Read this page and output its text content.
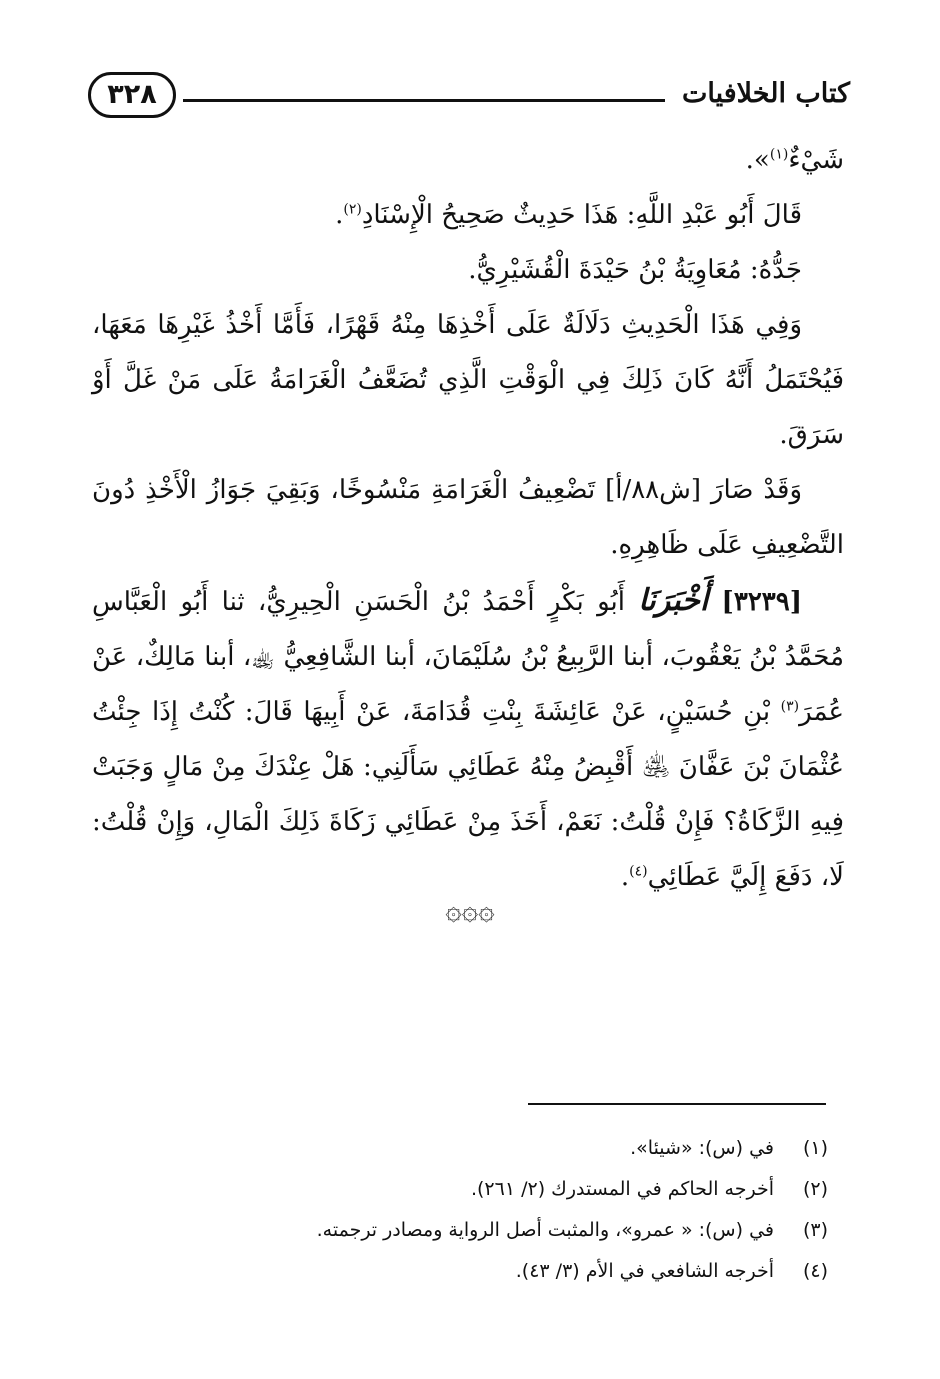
٣٢٨	كتاب الخلافيات

شَيْءٌ$^{(١)}$».

قَالَ أَبُو عَبْدِ اللَّهِ: هَذَا حَدِيثٌ صَحِيحُ الْإِسْنَادِ$^{(٢)}$.

جَدُّهُ: مُعَاوِيَةُ بْنُ حَيْدَةَ الْقُشَيْرِيُّ.

وَفِي هَذَا الْحَدِيثِ دَلَالَةٌ عَلَى أَخْذِهَا مِنْهُ قَهْرًا، فَأَمَّا أَخْذُ غَيْرِهَا مَعَهَا، فَيُحْتَمَلُ أَنَّهُ كَانَ ذَلِكَ فِي الْوَقْتِ الَّذِي تُضَعَّفُ الْغَرَامَةُ عَلَى مَنْ غَلَّ أَوْ سَرَقَ.

وَقَدْ صَارَ [ش٨٨/أ] تَضْعِيفُ الْغَرَامَةِ مَنْسُوخًا، وَبَقِيَ جَوَازُ الْأَخْذِ دُونَ التَّضْعِيفِ عَلَى ظَاهِرِهِ.

[٣٢٣٩] أَخْبَرَنَا أَبُو بَكْرٍ أَحْمَدُ بْنُ الْحَسَنِ الْحِيرِيُّ، ثنا أَبُو الْعَبَّاسِ مُحَمَّدُ بْنُ يَعْقُوبَ، أبنا الرَّبِيعُ بْنُ سُلَيْمَانَ، أبنا الشَّافِعِيُّ ﵀، أبنا مَالِكٌ، عَنْ عُمَرَ$^{(٣)}$ بْنِ حُسَيْنٍ، عَنْ عَائِشَةَ بِنْتِ قُدَامَةَ، عَنْ أَبِيهَا قَالَ: كُنْتُ إِذَا جِئْتُ عُثْمَانَ بْنَ عَفَّانَ ﵁ أَقْبِضُ مِنْهُ عَطَائِي سَأَلَنِي: هَلْ عِنْدَكَ مِنْ مَالٍ وَجَبَتْ فِيهِ الزَّكَاةُ؟ فَإِنْ قُلْتُ: نَعَمْ، أَخَذَ مِنْ عَطَائِي زَكَاةَ ذَلِكَ الْمَالِ، وَإِنْ قُلْتُ: لَا، دَفَعَ إِلَيَّ عَطَائِي$^{(٤)}$.

۞۞۞
(١)
في (س): «شيئا».
(٢)
أخرجه الحاكم في المستدرك (٢/ ٢٦١).
(٣)
في (س): « عمرو»، والمثبت أصل الرواية ومصادر ترجمته.
(٤)
أخرجه الشافعي في الأم (٣/ ٤٣).
